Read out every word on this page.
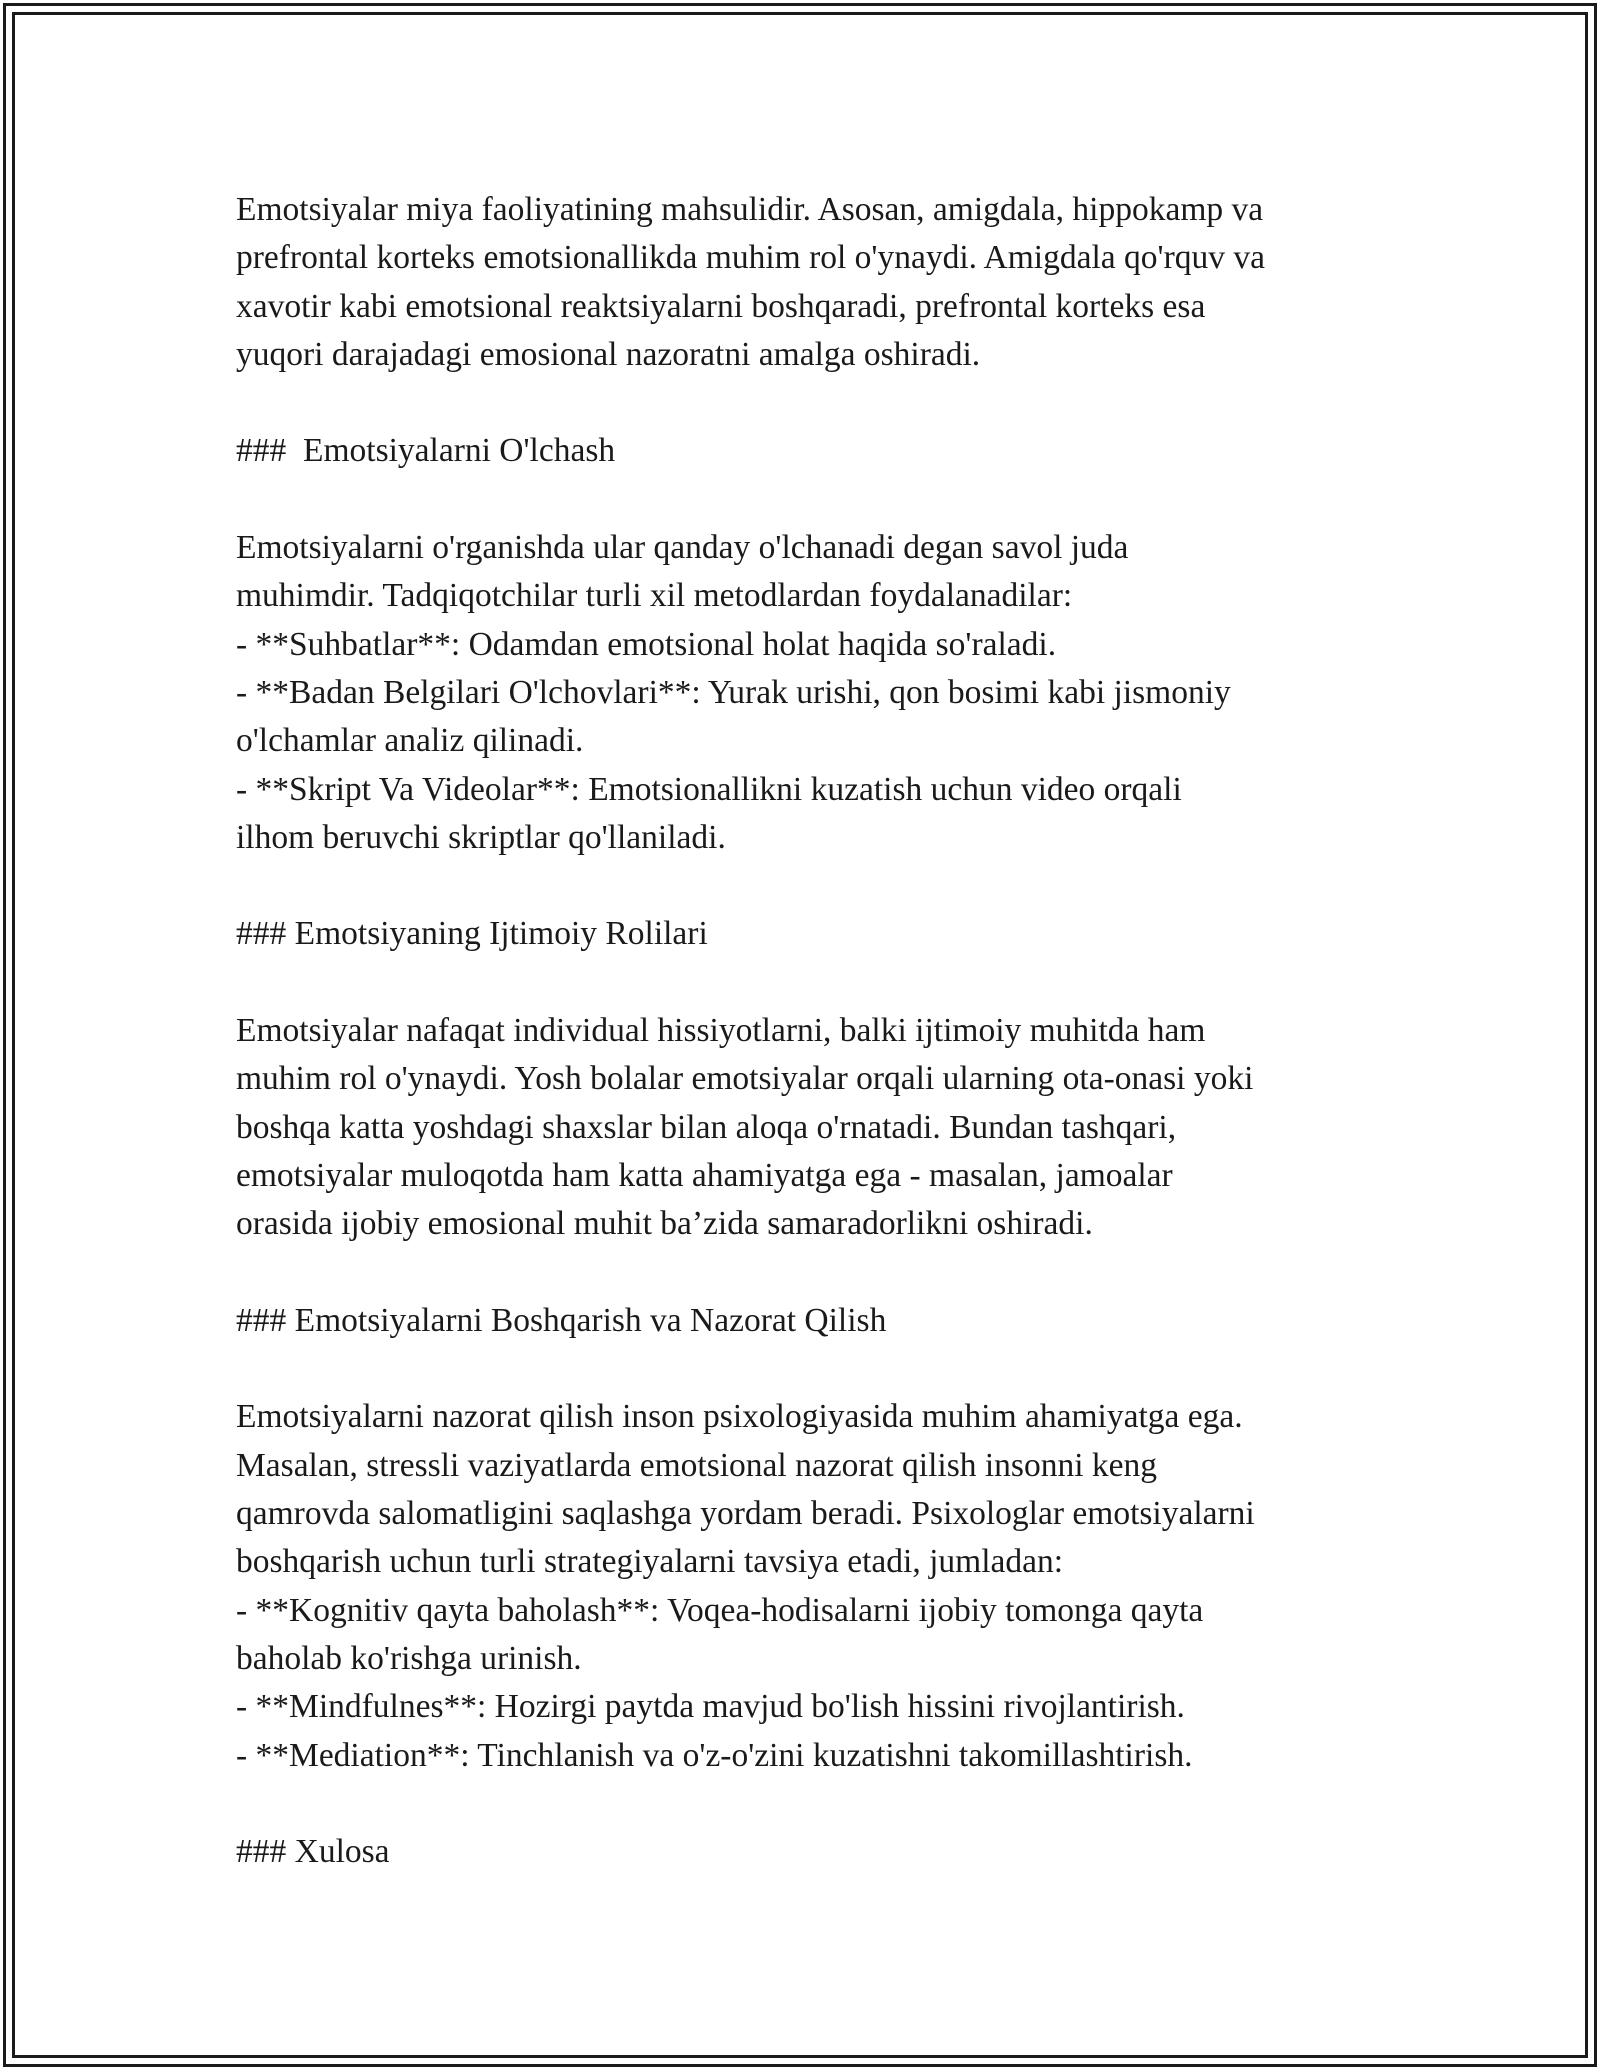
Emotsiyalar miya faoliyatining mahsulidir. Asosan, amigdala, hippokamp va

prefrontal korteks emotsionallikda muhim rol o'ynaydi. Amigdala qo'rquv va

xavotir kabi emotsional reaktsiyalarni boshqaradi, prefrontal korteks esa

yuqori darajadagi emosional nazoratni amalga oshiradi.

###  Emotsiyalarni O'lchash

Emotsiyalarni o'rganishda ular qanday o'lchanadi degan savol juda

muhimdir. Tadqiqotchilar turli xil metodlardan foydalanadilar:

- **Suhbatlar**: Odamdan emotsional holat haqida so'raladi.

- **Badan Belgilari O'lchovlari**: Yurak urishi, qon bosimi kabi jismoniy

o'lchamlar analiz qilinadi.

- **Skript Va Videolar**: Emotsionallikni kuzatish uchun video orqali

ilhom beruvchi skriptlar qo'llaniladi.

### Emotsiyaning Ijtimoiy Rolilari

Emotsiyalar nafaqat individual hissiyotlarni, balki ijtimoiy muhitda ham

muhim rol o'ynaydi. Yosh bolalar emotsiyalar orqali ularning ota-onasi yoki

boshqa katta yoshdagi shaxslar bilan aloqa o'rnatadi. Bundan tashqari,

emotsiyalar muloqotda ham katta ahamiyatga ega - masalan, jamoalar

orasida ijobiy emosional muhit ba’zida samaradorlikni oshiradi.

### Emotsiyalarni Boshqarish va Nazorat Qilish

Emotsiyalarni nazorat qilish inson psixologiyasida muhim ahamiyatga ega.

Masalan, stressli vaziyatlarda emotsional nazorat qilish insonni keng

qamrovda salomatligini saqlashga yordam beradi. Psixologlar emotsiyalarni

boshqarish uchun turli strategiyalarni tavsiya etadi, jumladan:

- **Kognitiv qayta baholash**: Voqea-hodisalarni ijobiy tomonga qayta

baholab ko'rishga urinish.

- **Mindfulnes**: Hozirgi paytda mavjud bo'lish hissini rivojlantirish.

- **Mediation**: Tinchlanish va o'z-o'zini kuzatishni takomillashtirish.

### Xulosa
